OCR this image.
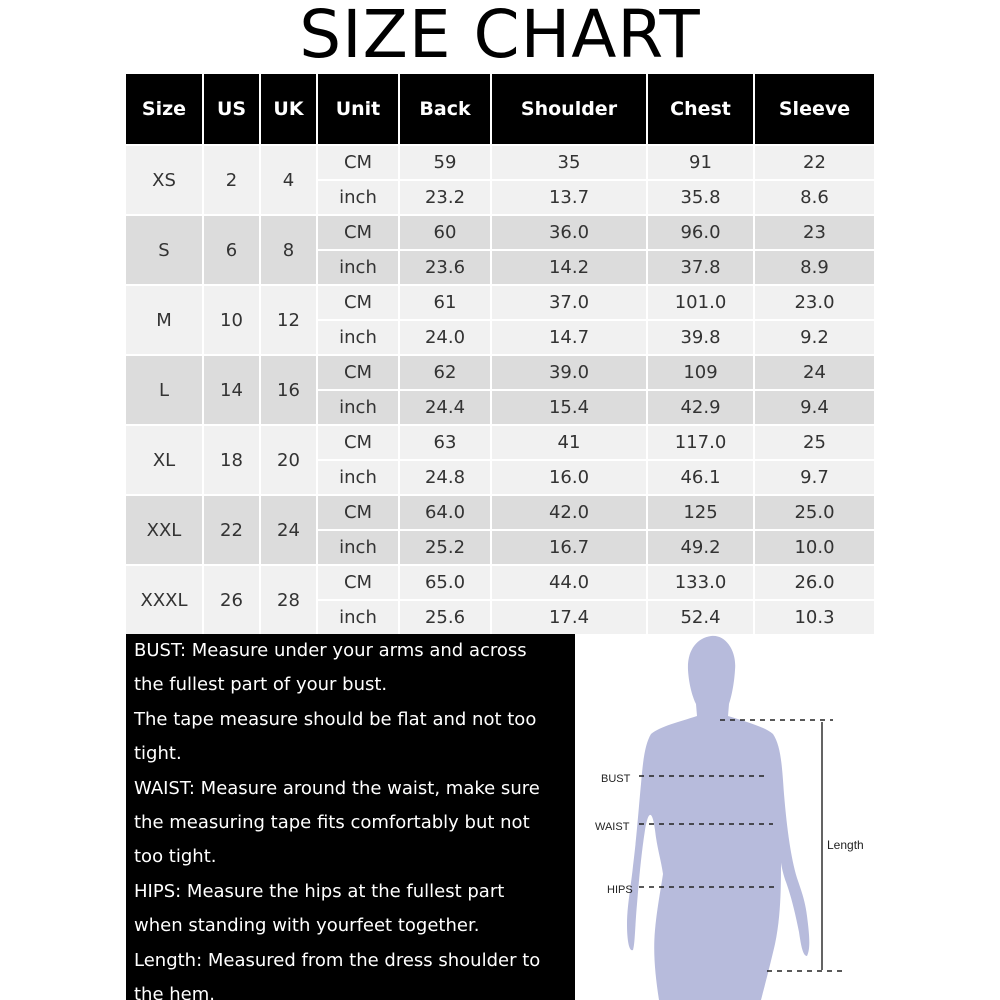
SIZE CHART
Size	US	UK	Unit	Back	Shoulder	Chest	Sleeve
XS	2	4	CM	59	35	91	22
			inch	23.2	13.7	35.8	8.6
S	6	8	CM	60	36.0	96.0	23
			inch	23.6	14.2	37.8	8.9
M	10	12	CM	61	37.0	101.0	23.0
			inch	24.0	14.7	39.8	9.2
L	14	16	CM	62	39.0	109	24
			inch	24.4	15.4	42.9	9.4
XL	18	20	CM	63	41	117.0	25
			inch	24.8	16.0	46.1	9.7
XXL	22	24	CM	64.0	42.0	125	25.0
			inch	25.2	16.7	49.2	10.0
XXXL	26	28	CM	65.0	44.0	133.0	26.0
			inch	25.6	17.4	52.4	10.3

BUST: Measure under your arms and across

the fullest part of your bust.

The tape measure should be flat and not too

tight.

WAIST: Measure around the waist, make sure

the measuring tape fits comfortably but not

too tight.

HIPS: Measure the hips at the fullest part

when standing with yourfeet together.

Length: Measured from the dress shoulder to

the hem.

BUST
WAIST
HIPS
Length
